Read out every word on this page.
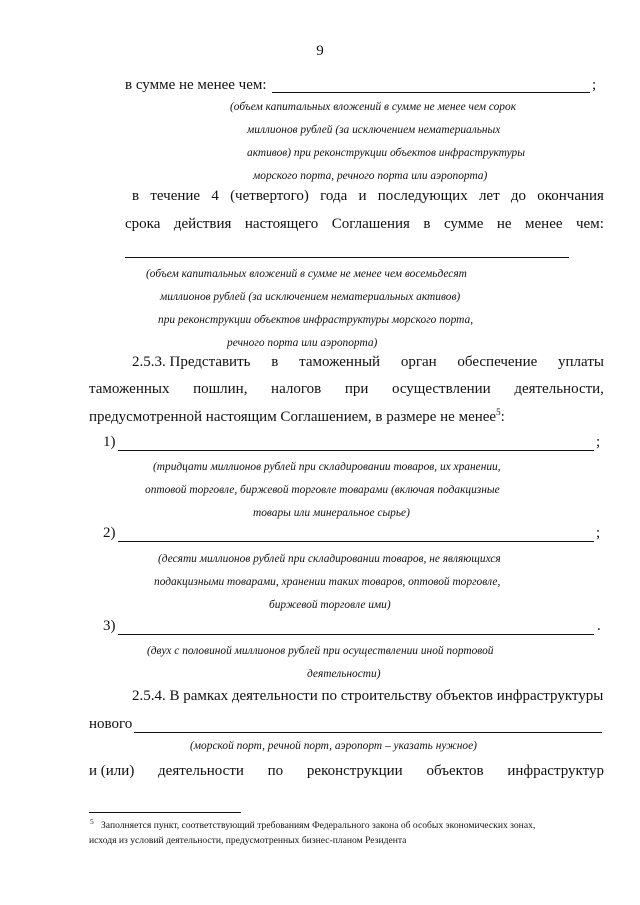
9
в сумме не менее чем:	;
(объем капитальных вложений в сумме не менее чем сорок
миллионов рублей (за исключением нематериальных
активов) при реконструкции объектов инфраструктуры
морского порта, речного порта или аэропорта)
в течение 4 (четвертого) года и последующих лет до окончания
срока действия настоящего Соглашения в сумме не менее чем:
(объем капитальных вложений в сумме не менее чем восемьдесят
миллионов рублей (за исключением нематериальных активов)
при реконструкции объектов инфраструктуры морского порта,
речного порта или аэропорта)
2.5.3. Представить в таможенный орган обеспечение уплаты
таможенных пошлин, налогов при осуществлении деятельности,
предусмотренной настоящим Соглашением, в размере не менее$^5$:
1)	;
(тридцати миллионов рублей при складировании товаров, их хранении,
оптовой торговле, биржевой торговле товарами (включая подакцизные
товары или минеральное сырье)
2)	;
(десяти миллионов рублей при складировании товаров, не являющихся
подакцизными товарами, хранении таких товаров, оптовой торговле,
биржевой торговле ими)
3)	.
(двух с половиной миллионов рублей при осуществлении иной портовой
деятельности)
2.5.4. В рамках деятельности по строительству объектов инфраструктуры
нового
(морской порт, речной порт, аэропорт – указать нужное)
и (или) деятельности по реконструкции объектов инфраструктур
5 Заполняется пункт, соответствующий требованиям Федерального закона об особых экономических зонах,
исходя из условий деятельности, предусмотренных бизнес-планом Резидента
